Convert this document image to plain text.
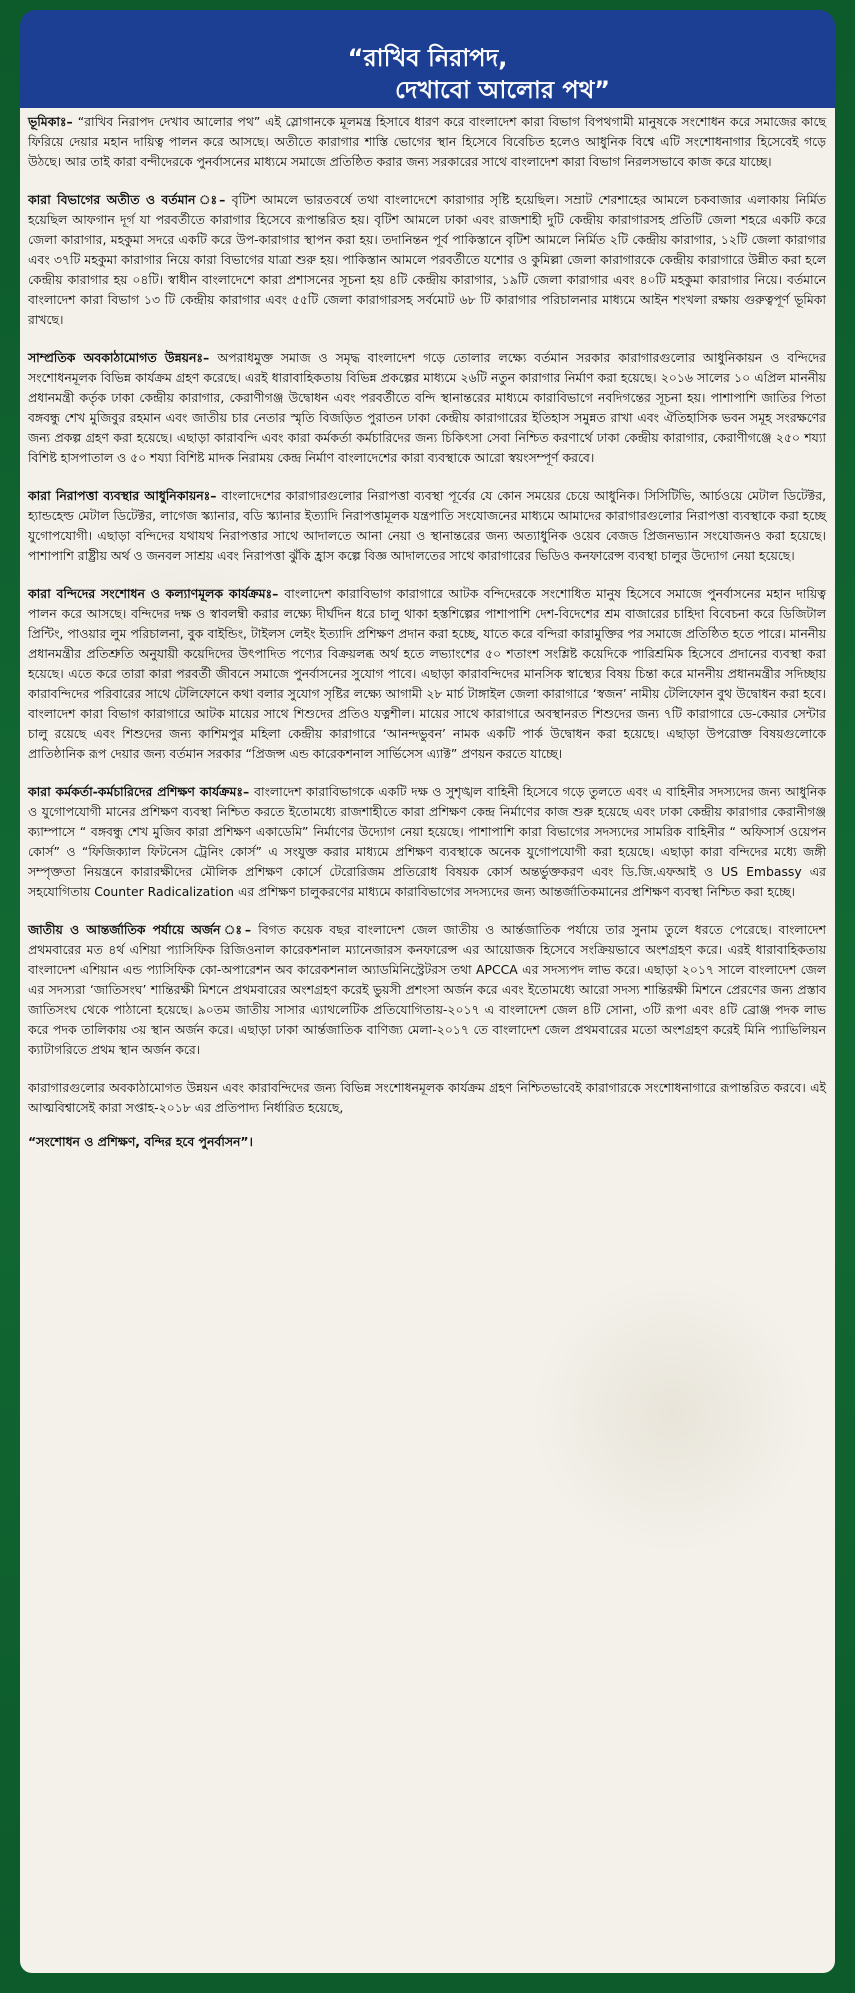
“রাখিব নিরাপদ,
দেখাবো আলোর পথ”

ভূমিকাঃ– “রাখিব নিরাপদ দেখাব আলোর পথ” এই স্লোগানকে মূলমন্ত্র হিসাবে ধারণ করে বাংলাদেশ কারা বিভাগ বিপথগামী মানুষকে সংশোধন করে সমাজের কাছে ফিরিয়ে দেয়ার মহান দায়িত্ব পালন করে আসছে। অতীতে কারাগার শাস্তি ভোগের স্থান হিসেবে বিবেচিত হলেও আধুনিক বিশ্বে এটি সংশোধনাগার হিসেবেই গড়ে উঠছে। আর তাই কারা বন্দীদেরকে পুনর্বাসনের মাধ্যমে সমাজে প্রতিষ্ঠিত করার জন্য সরকারের সাথে বাংলাদেশ কারা বিভাগ নিরলসভাবে কাজ করে যাচ্ছে।

কারা বিভাগের অতীত ও বর্তমান ঃ– বৃটিশ আমলে ভারতবর্ষে তথা বাংলাদেশে কারাগার সৃষ্টি হয়েছিল। সম্রাট শেরশাহের আমলে চকবাজার এলাকায় নির্মিত হয়েছিল আফগান দূর্গ যা পরবর্তীতে কারাগার হিসেবে রূপান্তরিত হয়। বৃটিশ আমলে ঢাকা এবং রাজশাহী দুটি কেন্দ্রীয় কারাগারসহ প্রতিটি জেলা শহরে একটি করে জেলা কারাগার, মহকুমা সদরে একটি করে উপ-কারাগার স্থাপন করা হয়। তদানিন্তন পূর্ব পাকিস্তানে বৃটিশ আমলে নির্মিত ২টি কেন্দ্রীয় কারাগার, ১২টি জেলা কারাগার এবং ৩৭টি মহকুমা কারাগার নিয়ে কারা বিভাগের যাত্রা শুরু হয়। পাকিস্তান আমলে পরবর্তীতে যশোর ও কুমিল্লা জেলা কারাগারকে কেন্দ্রীয় কারাগারে উন্নীত করা হলে কেন্দ্রীয় কারাগার হয় ০৪টি। স্বাধীন বাংলাদেশে কারা প্রশাসনের সূচনা হয় ৪টি কেন্দ্রীয় কারাগার, ১৯টি জেলা কারাগার এবং ৪০টি মহকুমা কারাগার নিয়ে। বর্তমানে বাংলাদেশ কারা বিভাগ ১৩ টি কেন্দ্রীয় কারাগার এবং ৫৫টি জেলা কারাগারসহ সর্বমোট ৬৮ টি কারাগার পরিচালনার মাধ্যমে আইন শংখলা রক্ষায় গুরুত্বপূর্ণ ভূমিকা রাখছে।

সাম্প্রতিক অবকাঠামোগত উন্নয়নঃ– অপরাধমুক্ত সমাজ ও সমৃদ্ধ বাংলাদেশ গড়ে তোলার লক্ষ্যে বর্তমান সরকার কারাগারগুলোর আধুনিকায়ন ও বন্দিদের সংশোধনমূলক বিভিন্ন কার্যক্রম গ্রহণ করেছে। এরই ধারাবাহিকতায় বিভিন্ন প্রকল্পের মাধ্যমে ২৬টি নতুন কারাগার নির্মাণ করা হয়েছে। ২০১৬ সালের ১০ এপ্রিল মাননীয় প্রধানমন্ত্রী কর্তৃক ঢাকা কেন্দ্রীয় কারাগার, কেরাণীগঞ্জ উদ্বোধন এবং পরবর্তীতে বন্দি স্থানান্তরের মাধ্যমে কারাবিভাগে নবদিগন্তের সূচনা হয়। পাশাপাশি জাতির পিতা বঙ্গবন্ধু শেখ মুজিবুর রহমান এবং জাতীয় চার নেতার স্মৃতি বিজড়িত পুরাতন ঢাকা কেন্দ্রীয় কারাগারের ইতিহাস সমুন্নত রাখা এবং ঐতিহাসিক ভবন সমূহ সংরক্ষণের জন্য প্রকল্প গ্রহণ করা হয়েছে। এছাড়া কারাবন্দি এবং কারা কর্মকর্তা কর্মচারিদের জন্য চিকিৎসা সেবা নিশ্চিত করণার্থে ঢাকা কেন্দ্রীয় কারাগার, কেরাণীগঞ্জে ২৫০ শয্যা বিশিষ্ট হাসপাতাল ও ৫০ শয্যা বিশিষ্ট মাদক নিরাময় কেন্দ্র নির্মাণ বাংলাদেশের কারা ব্যবস্থাকে আরো স্বয়ংসম্পূর্ণ করবে।

কারা নিরাপত্তা ব্যবস্থার আধুনিকায়নঃ– বাংলাদেশের কারাগারগুলোর নিরাপত্তা ব্যবস্থা পূর্বের যে কোন সময়ের চেয়ে আধুনিক। সিসিটিভি, আর্চওয়ে মেটাল ডিটেক্টর, হ্যান্ডহেল্ড মেটাল ডিটেক্টর, লাগেজ স্ক্যানার, বডি স্ক্যানার ইত্যাদি নিরাপত্তামূলক যন্ত্রপাতি সংযোজনের মাধ্যমে আমাদের কারাগারগুলোর নিরাপত্তা ব্যবস্থাকে করা হচ্ছে যুগোপযোগী। এছাড়া বন্দিদের যথাযথ নিরাপত্তার সাথে আদালতে আনা নেয়া ও স্থানান্তরের জন্য অত্যাধুনিক ওয়েব বেজড প্রিজনভ্যান সংযোজনও করা হয়েছে। পাশাপাশি রাষ্ট্রীয় অর্থ ও জনবল সাশ্রয় এবং নিরাপত্তা ঝুঁকি হ্রাস কল্পে বিজ্ঞ আদালতের সাথে কারাগারের ভিডিও কনফারেন্স ব্যবস্থা চালুর উদ্যোগ নেয়া হয়েছে।

কারা বন্দিদের সংশোধন ও কল্যাণমূলক কার্যক্রমঃ– বাংলাদেশ কারাবিভাগ কারাগারে আটক বন্দিদেরকে সংশোধিত মানুষ হিসেবে সমাজে পুনর্বাসনের মহান দায়িত্ব পালন করে আসছে। বন্দিদের দক্ষ ও স্বাবলম্বী করার লক্ষ্যে দীর্ঘদিন ধরে চালু থাকা হস্তশিল্পের পাশাপাশি দেশ-বিদেশের শ্রম বাজারের চাহিদা বিবেচনা করে ডিজিটাল প্রিন্টিং, পাওয়ার লুম পরিচালনা, বুক বাইন্ডিং, টাইলস লেইং ইত্যাদি প্রশিক্ষণ প্রদান করা হচ্ছে, যাতে করে বন্দিরা কারামুক্তির পর সমাজে প্রতিষ্ঠিত হতে পারে। মাননীয় প্রধানমন্ত্রীর প্রতিশ্রুতি অনুযায়ী কয়েদিদের উৎপাদিত পণ্যের বিক্রয়লব্ধ অর্থ হতে লভ্যাংশের ৫০ শতাংশ সংশ্লিষ্ট কয়েদিকে পারিশ্রমিক হিসেবে প্রদানের ব্যবস্থা করা হয়েছে। এতে করে তারা কারা পরবর্তী জীবনে সমাজে পুনর্বাসনের সুযোগ পাবে। এছাড়া কারাবন্দিদের মানসিক স্বাস্থ্যের বিষয় চিন্তা করে মাননীয় প্রধানমন্ত্রীর সদিচ্ছায় কারাবন্দিদের পরিবারের সাথে টেলিফোনে কথা বলার সুযোগ সৃষ্টির লক্ষ্যে আগামী ২৮ মার্চ টাঙ্গাইল জেলা কারাগারে ‘স্বজন’ নামীয় টেলিফোন বুথ উদ্বোধন করা হবে। বাংলাদেশ কারা বিভাগ কারাগারে আটক মায়ের সাথে শিশুদের প্রতিও যত্নশীল। মায়ের সাথে কারাগারে অবস্থানরত শিশুদের জন্য ৭টি কারাগারে ডে-কেয়ার সেন্টার চালু রয়েছে এবং শিশুদের জন্য কাশিমপুর মহিলা কেন্দ্রীয় কারাগারে ‘আনন্দভুবন’ নামক একটি পার্ক উদ্বোধন করা হয়েছে। এছাড়া উপরোক্ত বিষয়গুলোকে প্রাতিষ্ঠানিক রূপ দেয়ার জন্য বর্তমান সরকার “প্রিজন্স এন্ড কারেকশনাল সার্ভিসেস এ্যাক্ট” প্রণয়ন করতে যাচ্ছে।

কারা কর্মকর্তা-কর্মচারিদের প্রশিক্ষণ কার্যক্রমঃ– বাংলাদেশ কারাবিভাগকে একটি দক্ষ ও সুশৃঙ্খল বাহিনী হিসেবে গড়ে তুলতে এবং এ বাহিনীর সদস্যদের জন্য আধুনিক ও যুগোপযোগী মানের প্রশিক্ষণ ব্যবস্থা নিশ্চিত করতে ইতোমধ্যে রাজশাহীতে কারা প্রশিক্ষণ কেন্দ্র নির্মাণের কাজ শুরু হয়েছে এবং ঢাকা কেন্দ্রীয় কারাগার কেরানীগঞ্জ ক্যাম্পাসে “ বঙ্গবন্ধু শেখ মুজিব কারা প্রশিক্ষণ একাডেমি” নির্মাণের উদ্যোগ নেয়া হয়েছে। পাশাপাশি কারা বিভাগের সদস্যদের সামরিক বাহিনীর “ অফিসার্স ওয়েপন কোর্স” ও “ফিজিক্যাল ফিটনেস ট্রেনিং কোর্স” এ সংযুক্ত করার মাধ্যমে প্রশিক্ষণ ব্যবস্থাকে অনেক যুগোপযোগী করা হয়েছে। এছাড়া কারা বন্দিদের মধ্যে জঙ্গী সম্পৃক্ততা নিয়ন্ত্রনে কারারক্ষীদের মৌলিক প্রশিক্ষণ কোর্সে টেরোরিজম প্রতিরোধ বিষয়ক কোর্স অন্তর্ভুক্তকরণ এবং ডি.জি.এফআই ও US Embassy এর সহযোগিতায় Counter Radicalization এর প্রশিক্ষণ চালুকরণের মাধ্যমে কারাবিভাগের সদস্যদের জন্য আন্তর্জাতিকমানের প্রশিক্ষণ ব্যবস্থা নিশ্চিত করা হচ্ছে।

জাতীয় ও আন্তর্জাতিক পর্যায়ে অর্জন ঃ– বিগত কয়েক বছর বাংলাদেশ জেল জাতীয় ও আর্ন্তজাতিক পর্যায়ে তার সুনাম তুলে ধরতে পেরেছে। বাংলাদেশ প্রথমবারের মত ৪র্থ এশিয়া প্যাসিফিক রিজিওনাল কারেকশনাল ম্যানেজারস কনফারেন্স এর আয়োজক হিসেবে সংক্রিয়ভাবে অংশগ্রহণ করে। এরই ধারাবাহিকতায় বাংলাদেশ এশিয়ান এন্ড প্যাসিফিক কো-অপারেশন অব কারেকশনাল অ্যাডমিনিস্ট্রেটরস তথা APCCA এর সদস্যপদ লাভ করে। এছাড়া ২০১৭ সালে বাংলাদেশ জেল এর সদস্যরা ‘জাতিসংঘ’ শান্তিরক্ষী মিশনে প্রথমবারের অংশগ্রহণ করেই ভুয়সী প্রশংসা অর্জন করে এবং ইতোমধ্যে আরো সদস্য শান্তিরক্ষী মিশনে প্রেরণের জন্য প্রস্তাব জাতিসংঘ থেকে পাঠানো হয়েছে। ৯০তম জাতীয় সাসার এ্যাথলেটিক প্রতিযোগিতায়-২০১৭ এ বাংলাদেশ জেল ৪টি সোনা, ৩টি রূপা এবং ৪টি ব্রোঞ্জ পদক লাভ করে পদক তালিকায় ৩য় স্থান অর্জন করে। এছাড়া ঢাকা আর্ন্তজাতিক বাণিজ্য মেলা-২০১৭ তে বাংলাদেশ জেল প্রথমবারের মতো অংশগ্রহণ করেই মিনি প্যাভিলিয়ন ক্যাটাগরিতে প্রথম স্থান অর্জন করে।

কারাগারগুলোর অবকাঠামোগত উন্নয়ন এবং কারাবন্দিদের জন্য বিভিন্ন সংশোধনমূলক কার্যক্রম গ্রহণ নিশ্চিতভাবেই কারাগারকে সংশোধনাগারে রূপান্তরিত করবে। এই আত্মবিশ্বাসেই কারা সপ্তাহ-২০১৮ এর প্রতিপাদ্য নির্ধারিত হয়েছে,

“সংশোধন ও প্রশিক্ষণ, বন্দির হবে পুনর্বাসন”।
